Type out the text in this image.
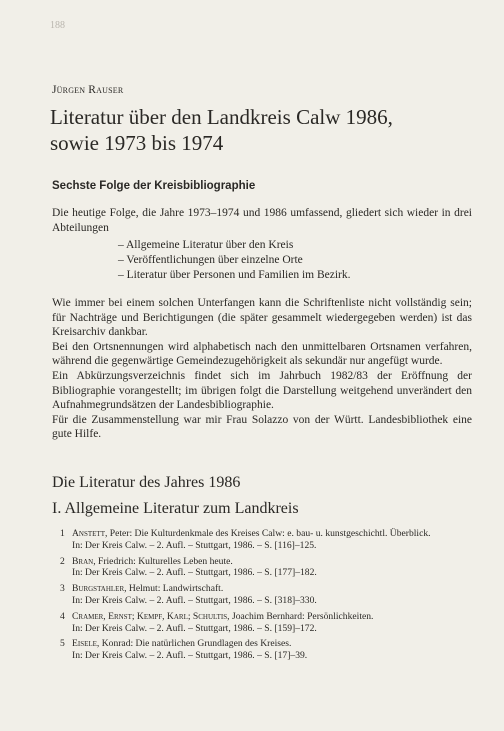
188
Jürgen Rauser
Literatur über den Landkreis Calw 1986,
sowie 1973 bis 1974
Sechste Folge der Kreisbibliographie

Die heutige Folge, die Jahre 1973–1974 und 1986 umfassend, gliedert sich wieder in drei Abteilungen

– Allgemeine Literatur über den Kreis
– Veröffentlichungen über einzelne Orte
– Literatur über Personen und Familien im Bezirk.

Wie immer bei einem solchen Unterfangen kann die Schriftenliste nicht vollständig sein; für Nachträge und Berichtigungen (die später gesammelt wiedergegeben werden) ist das Kreisarchiv dankbar.

Bei den Ortsnennungen wird alphabetisch nach den unmittelbaren Ortsnamen verfahren, während die gegenwärtige Gemeindezugehörigkeit als sekundär nur angefügt wurde.

Ein Abkürzungsverzeichnis findet sich im Jahrbuch 1982/83 der Eröffnung der Bibliographie vorangestellt; im übrigen folgt die Darstellung weitgehend unverändert den Aufnahmegrundsätzen der Landesbibliographie.

Für die Zusammenstellung war mir Frau Solazzo von der Württ. Landesbibliothek eine gute Hilfe.

Die Literatur des Jahres 1986
I. Allgemeine Literatur zum Landkreis
1 Anstett, Peter: Die Kulturdenkmale des Kreises Calw: e. bau- u. kunstgeschichtl. Überblick.
In: Der Kreis Calw. – 2. Aufl. – Stuttgart, 1986. – S. [116]–125.
2 Bran, Friedrich: Kulturelles Leben heute.
In: Der Kreis Calw. – 2. Aufl. – Stuttgart, 1986. – S. [177]–182.
3 Burgstahler, Helmut: Landwirtschaft.
In: Der Kreis Calw. – 2. Aufl. – Stuttgart, 1986. – S. [318]–330.
4 Cramer, Ernst; Kempf, Karl; Schultis, Joachim Bernhard: Persönlichkeiten.
In: Der Kreis Calw. – 2. Aufl. – Stuttgart, 1986. – S. [159]–172.
5 Eisele, Konrad: Die natürlichen Grundlagen des Kreises.
In: Der Kreis Calw. – 2. Aufl. – Stuttgart, 1986. – S. [17]–39.
